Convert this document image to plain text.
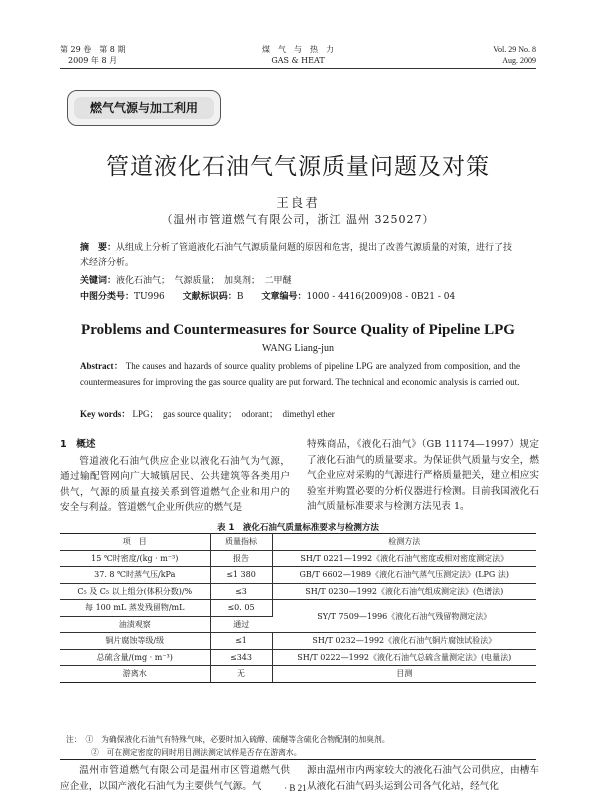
第 29 卷　第 8 期
2009 年 8 月
煤　气　与　热　力
GAS & HEAT
Vol. 29 No. 8
Aug. 2009
燃气气源与加工利用
管道液化石油气气源质量问题及对策
王良君
（温州市管道燃气有限公司，浙江 温州 325027）
摘　要：从组成上分析了管道液化石油气气源质量问题的原因和危害，提出了改善气源质量的对策，进行了技术经济分析。
关键词：液化石油气；　气源质量；　加臭剂；　二甲醚
中图分类号：TU996 文献标识码：B 文章编号：1000 - 4416(2009)08 - 0B21 - 04
Problems and Countermeasures for Source Quality of Pipeline LPG
WANG Liang-jun
Abstract： The causes and hazards of source quality problems of pipeline LPG are analyzed from composition, and the countermeasures for improving the gas source quality are put forward. The technical and economic analysis is carried out.
Key words： LPG；　gas source quality；　odorant；　dimethyl ether
1　概述
管道液化石油气供应企业以液化石油气为气源，通过输配管网向广大城镇居民、公共建筑等各类用户供气，气源的质量直接关系到管道燃气企业和用户的安全与利益。管道燃气企业所供应的燃气是
特殊商品，《液化石油气》（GB 11174—1997）规定了液化石油气的质量要求。为保证供气质量与安全，燃气企业应对采购的气源进行严格质量把关，建立相应实验室并购置必要的分析仪器进行检测。目前我国液化石油气质量标准要求与检测方法见表 1。
表 1　液化石油气质量标准要求与检测方法
项　目	质量指标	检测方法
15 ℃时密度/(kg · m⁻³)	报告	SH/T 0221—1992《液化石油气密度或相对密度测定法》
37. 8 ℃时蒸气压/kPa	≤1 380	GB/T 6602—1989《液化石油气蒸气压测定法》(LPG 法)
C₅ 及 C₅ 以上组分(体积分数)/%	≤3	SH/T 0230—1992《液化石油气组成测定法》(色谱法)
每 100 mL 蒸发残留物/mL	≤0. 05	SY/T 7509—1996《液化石油气残留物测定法》
油渍观察	通过	
铜片腐蚀等级/级	≤1	SH/T 0232—1992《液化石油气铜片腐蚀试验法》
总硫含量/(mg · m⁻³)	≤343	SH/T 0222—1992《液化石油气总硫含量测定法》(电量法)
游离水	无	目测
注：　 ①　为确保液化石油气有特殊气味，必要时加入硫醇、硫醚等含硫化合物配制的加臭剂。
②　可在测定密度的同时用目测法测定试样是否存在游离水。
温州市管道燃气有限公司是温州市区管道燃气供应企业，以国产液化石油气为主要供气气源。气
源由温州市内两家较大的液化石油气公司供应，由槽车从液化石油气码头运到公司各气化站，经气化
· B 21 ·
